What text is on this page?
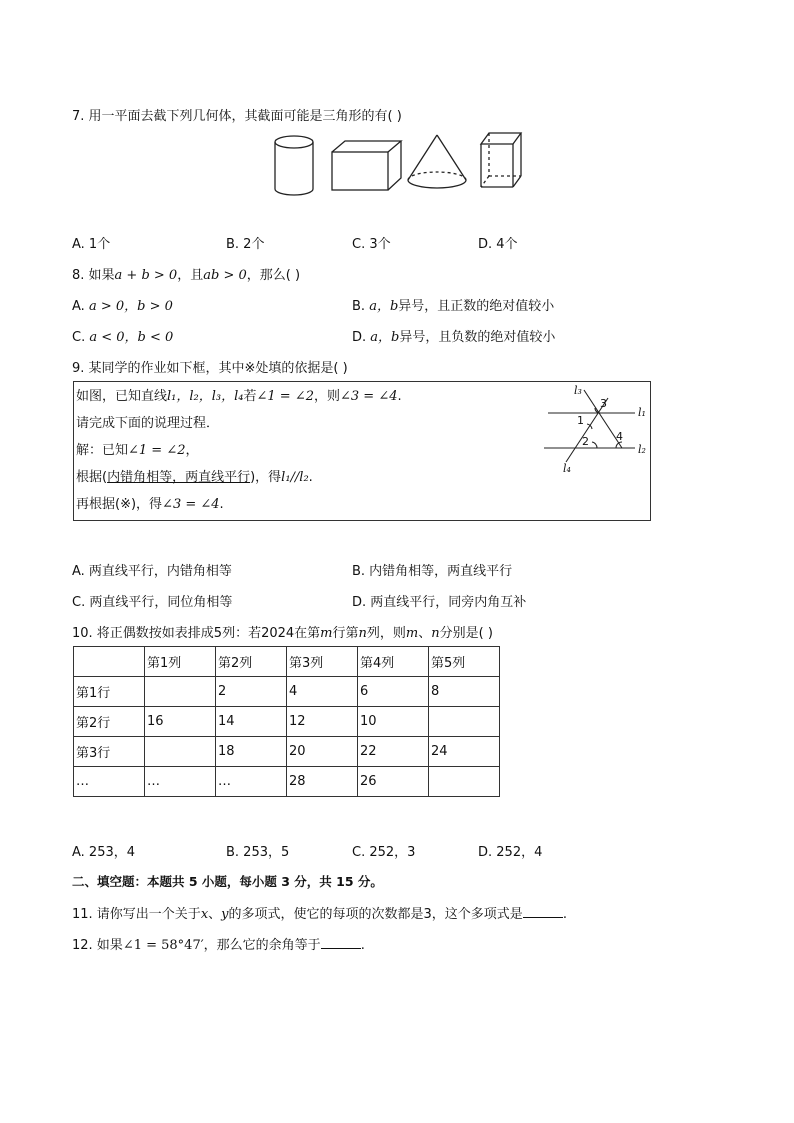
7. 用一平面去截下列几何体，其截面可能是三角形的有( )
A. 1个	B. 2个	C. 3个	D. 4个
8. 如果a + b > 0，且ab > 0，那么( )
A. a > 0，b > 0	B. a，b异号，且正数的绝对值较小
C. a < 0，b < 0	D. a，b异号，且负数的绝对值较小
9. 某同学的作业如下框，其中※处填的依据是( )
如图，已知直线l₁，l₂，l₃，l₄若∠1 = ∠2，则∠3 = ∠4.
请完成下面的说理过程．
解：已知∠1 = ∠2，
根据(内错角相等，两直线平行)，得l₁//l₂.
再根据(※)，得∠3 = ∠4.
l₃
l₁
l₂
l₄
1
2
3
4
A. 两直线平行，内错角相等	B. 内错角相等，两直线平行
C. 两直线平行，同位角相等	D. 两直线平行，同旁内角互补
10. 将正偶数按如表排成5列：若2024在第m行第n列，则m、n分别是( )
	第1列	第2列	第3列	第4列	第5列
第1行		2	4	6	8
第2行	16	14	12	10	
第3行		18	20	22	24
…	…	…	28	26	
A. 253，4	B. 253，5	C. 252，3	D. 252，4
二、填空题：本题共 5 小题，每小题 3 分，共 15 分。
11. 请你写出一个关于x、y的多项式，使它的每项的次数都是3，这个多项式是	.
12. 如果∠1 = 58°47′，那么它的余角等于	.
